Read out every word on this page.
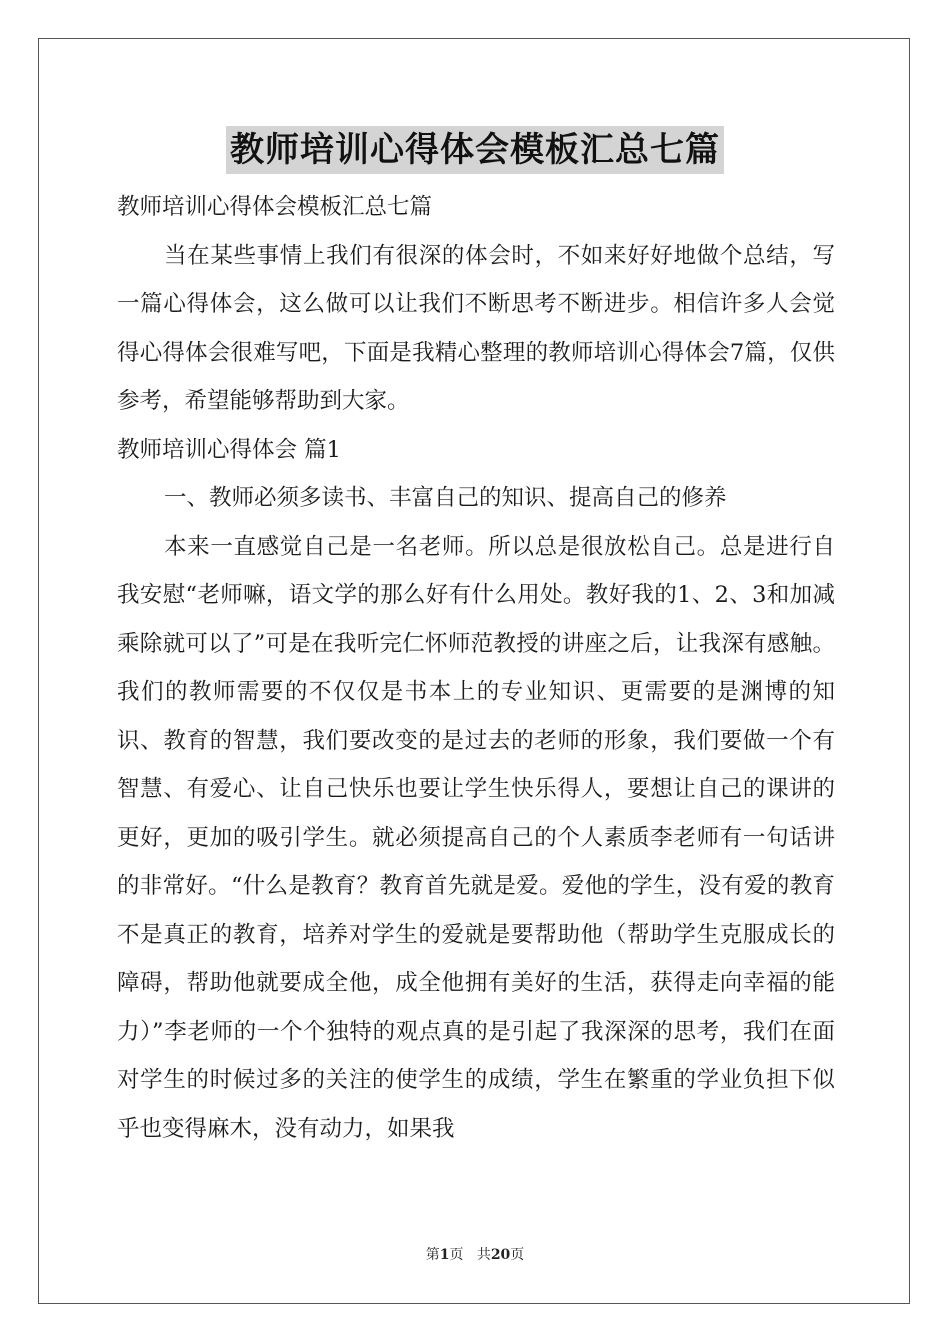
教师培训心得体会模板汇总七篇

教师培训心得体会模板汇总七篇

当在某些事情上我们有很深的体会时，不如来好好地做个总结，写一篇心得体会，这么做可以让我们不断思考不断进步。相信许多人会觉得心得体会很难写吧，下面是我精心整理的教师培训心得体会7篇，仅供参考，希望能够帮助到大家。

教师培训心得体会 篇1

一、教师必须多读书、丰富自己的知识、提高自己的修养

本来一直感觉自己是一名老师。所以总是很放松自己。总是进行自我安慰“老师嘛，语文学的那么好有什么用处。教好我的1、2、3和加减乘除就可以了”可是在我听完仁怀师范教授的讲座之后，让我深有感触。我们的教师需要的不仅仅是书本上的专业知识、更需要的是渊博的知识、教育的智慧，我们要改变的是过去的老师的形象，我们要做一个有智慧、有爱心、让自己快乐也要让学生快乐得人，要想让自己的课讲的更好，更加的吸引学生。就必须提高自己的个人素质李老师有一句话讲的非常好。“什么是教育？教育首先就是爱。爱他的学生，没有爱的教育不是真正的教育，培养对学生的爱就是要帮助他（帮助学生克服成长的障碍，帮助他就要成全他，成全他拥有美好的生活，获得走向幸福的能力）”李老师的一个个独特的观点真的是引起了我深深的思考，我们在面对学生的时候过多的关注的使学生的成绩，学生在繁重的学业负担下似乎也变得麻木，没有动力，如果我

第1页 共20页
